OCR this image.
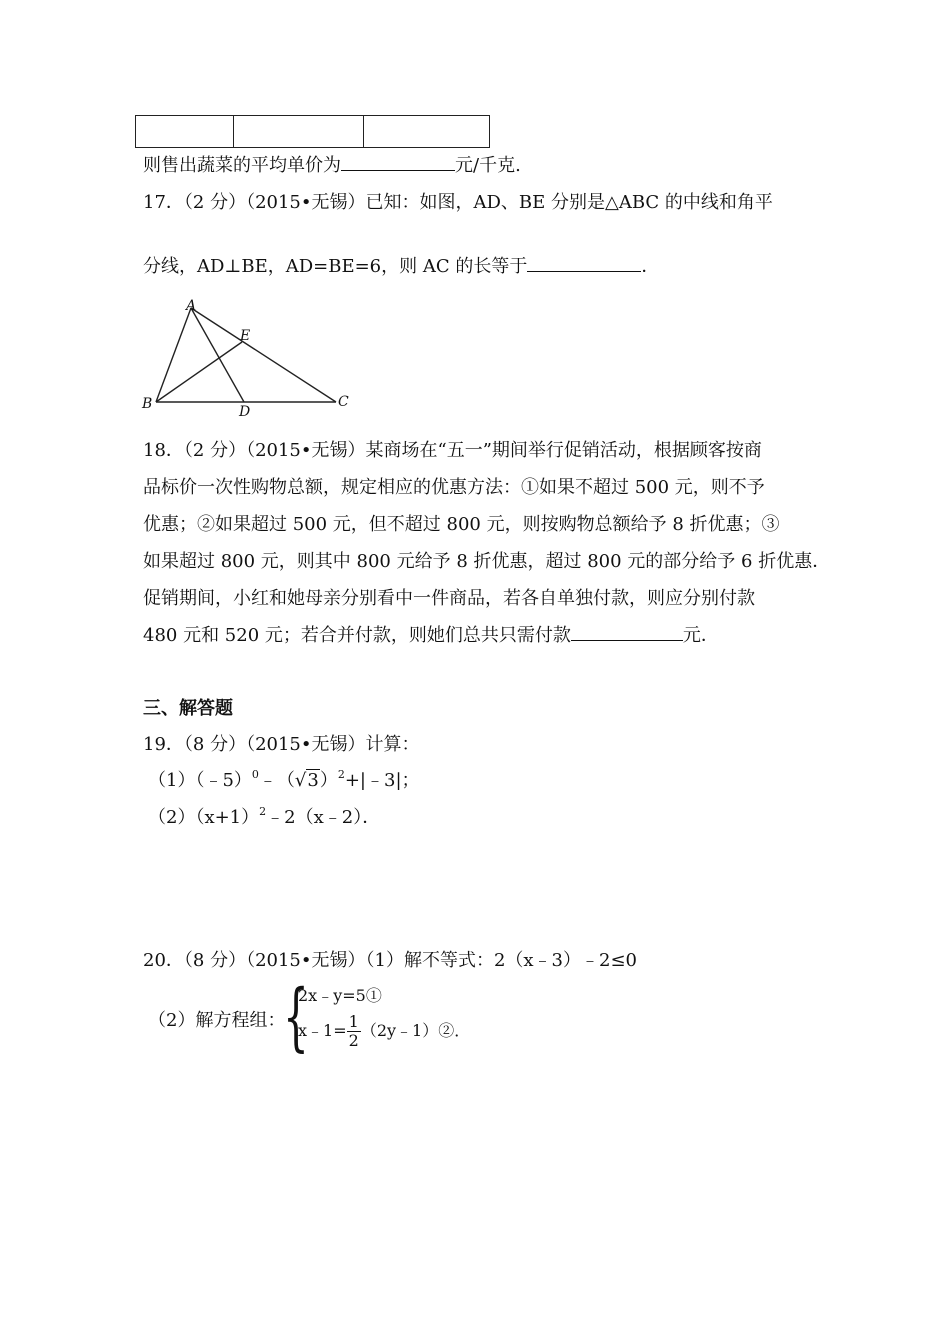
则售出蔬菜的平均单价为	元/千克.
17．（2 分）（2015•无锡）已知：如图，AD、BE 分别是△ABC 的中线和角平
分线，AD⊥BE，AD=BE=6，则 AC 的长等于	．
A
B	C
D
E
18．（2 分）（2015•无锡）某商场在“五一”期间举行促销活动，根据顾客按商
品标价一次性购物总额，规定相应的优惠方法：①如果不超过 500 元，则不予
优惠；②如果超过 500 元，但不超过 800 元，则按购物总额给予 8 折优惠；③
如果超过 800 元，则其中 800 元给予 8 折优惠，超过 800 元的部分给予 6 折优惠．
促销期间，小红和她母亲分别看中一件商品，若各自单独付款，则应分别付款
480 元和 520 元；若合并付款，则她们总共只需付款	元．
三、解答题
19．（8 分）（2015•无锡）计算：
$(1)(﹣5)^0﹣(√3)^2+|﹣3|$；
$(2)(x+1)^2﹣2(x﹣2)$．
20．（8 分）（2015•无锡）（1）解不等式：2（x﹣3）﹣2≤0
（2）解方程组：
{
2x﹣y=5①
x﹣1= $\frac{1}{2}$ （2y﹣1）②．
